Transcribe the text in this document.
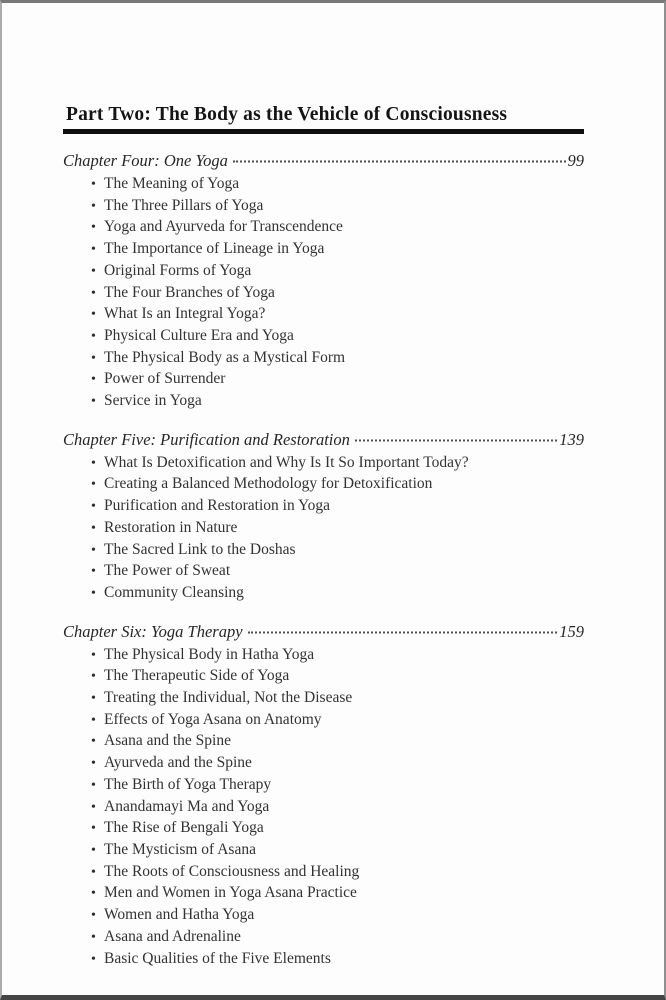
Part Two: The Body as the Vehicle of Consciousness
Chapter Four: One Yoga	99
• The Meaning of Yoga
• The Three Pillars of Yoga
• Yoga and Ayurveda for Transcendence
• The Importance of Lineage in Yoga
• Original Forms of Yoga
• The Four Branches of Yoga
• What Is an Integral Yoga?
• Physical Culture Era and Yoga
• The Physical Body as a Mystical Form
• Power of Surrender
• Service in Yoga
Chapter Five: Purification and Restoration	139
• What Is Detoxification and Why Is It So Important Today?
• Creating a Balanced Methodology for Detoxification
• Purification and Restoration in Yoga
• Restoration in Nature
• The Sacred Link to the Doshas
• The Power of Sweat
• Community Cleansing
Chapter Six: Yoga Therapy	159
• The Physical Body in Hatha Yoga
• The Therapeutic Side of Yoga
• Treating the Individual, Not the Disease
• Effects of Yoga Asana on Anatomy
• Asana and the Spine
• Ayurveda and the Spine
• The Birth of Yoga Therapy
• Anandamayi Ma and Yoga
• The Rise of Bengali Yoga
• The Mysticism of Asana
• The Roots of Consciousness and Healing
• Men and Women in Yoga Asana Practice
• Women and Hatha Yoga
• Asana and Adrenaline
• Basic Qualities of the Five Elements
